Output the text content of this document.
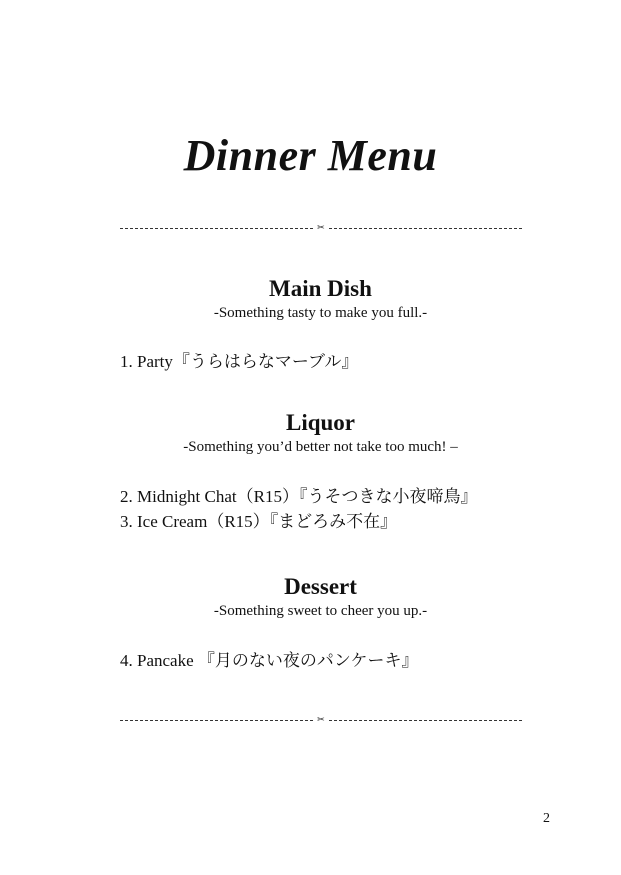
Dinner Menu
✂
Main Dish

-Something tasty to make you full.-

1. Party『うらはらなマーブル』

Liquor

-Something you’d better not take too much! –

2. Midnight Chat（R15）『うそつきな小夜啼鳥』

3. Ice Cream（R15）『まどろみ不在』

Dessert

-Something sweet to cheer you up.-

4. Pancake 『月のない夜のパンケーキ』

✂
2
